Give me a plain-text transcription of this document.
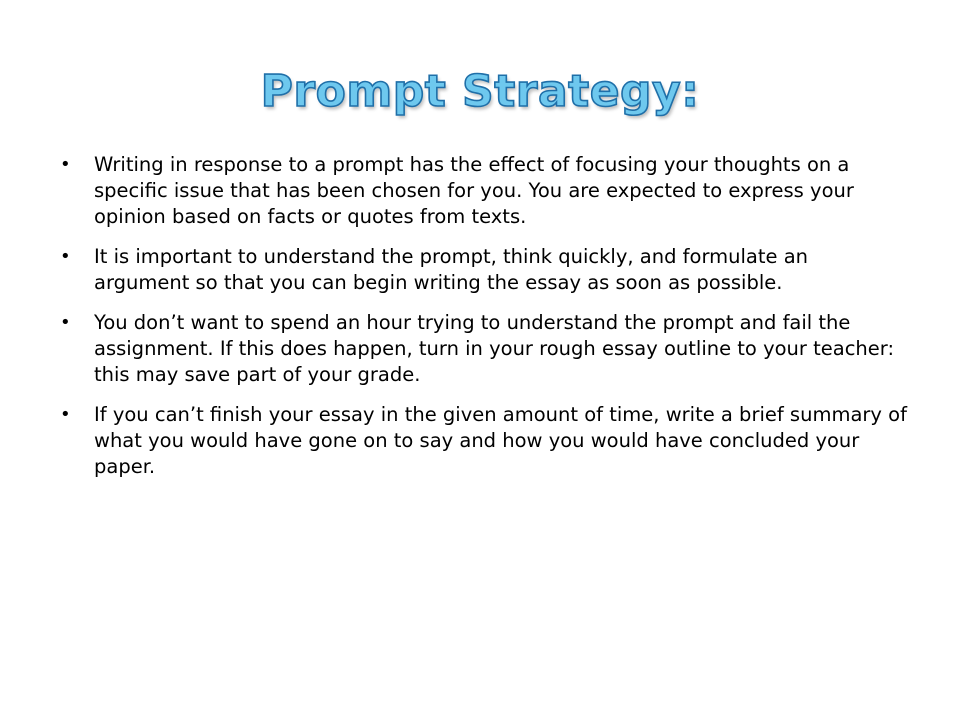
Prompt Strategy:
• Writing in response to a prompt has the effect of focusing your thoughts on a specific issue that has been chosen for you. You are expected to express your opinion based on facts or quotes from texts.
• It is important to understand the prompt, think quickly, and formulate an argument so that you can begin writing the essay as soon as possible.
• You don’t want to spend an hour trying to understand the prompt and fail the assignment. If this does happen, turn in your rough essay outline to your teacher: this may save part of your grade.
• If you can’t finish your essay in the given amount of time, write a brief summary of what you would have gone on to say and how you would have concluded your paper.
